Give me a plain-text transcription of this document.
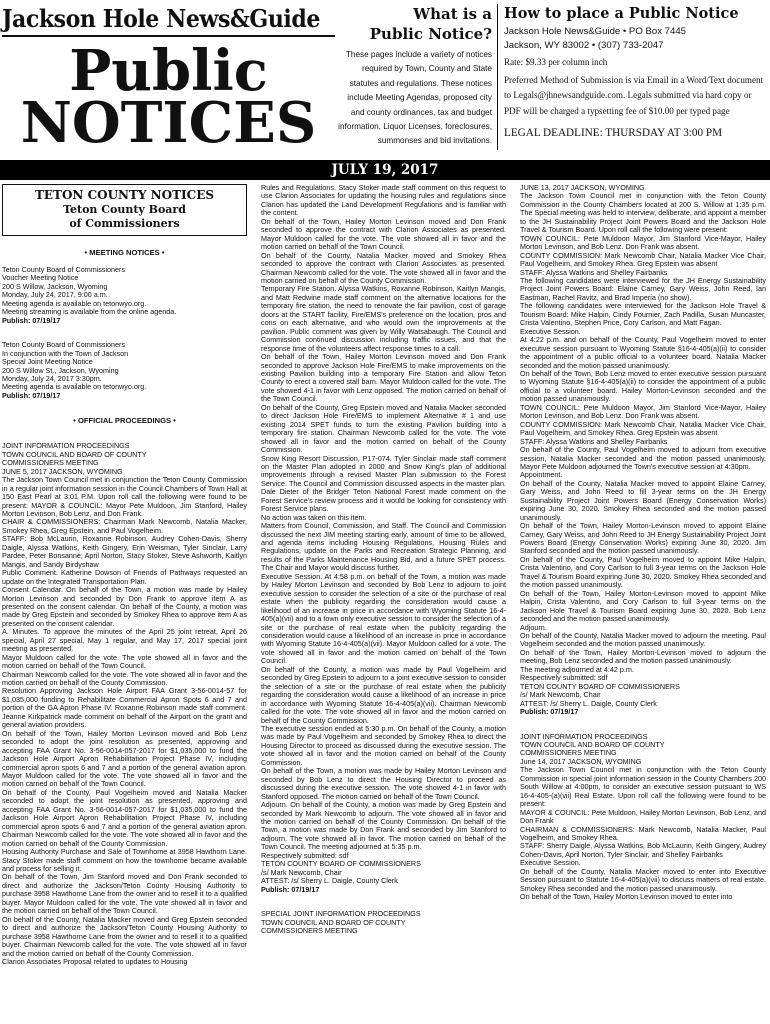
Jackson Hole News&Guide
Public
NOTICES
What is a
Public Notice?
These pages include a variety of notices required by Town, County and State statutes and regulations. These notices include Meeting Agendas, proposed city and county ordinances, tax and budget information, Liquor Licenses, foreclosures, summonses and bid invitations.
How to place a Public Notice
Jackson Hole News&Guide • PO Box 7445
Jackson, WY 83002 • (307) 733-2047
Rate: $9.33 per column inch
Preferred Method of Submission is via Email in a Word/Text document to Legals@jhnewsandguide.com. Legals submitted via hard copy or PDF will be charged a typsetting fee of $10.00 per typed page
LEGAL DEADLINE: THURSDAY AT 3:00 PM
JULY 19, 2017
TETON COUNTY NOTICES
Teton County Board
of Commissioners
• MEETING NOTICES •

Teton County Board of Commissioners

Voucher Meeting Notice

200 S Willow, Jackson, Wyoming

Monday, July 24, 2017, 9:00 a.m.

Meeting agenda is available on tetonwyo.org.

Meeting streaming is available from the online agenda.

Publish: 07/19/17

Teton County Board of Commissioners

In conjunction with the Town of Jackson

Special Joint Meeting Notice

200 S Willow St., Jackson, Wyoming

Monday, July 24, 2017 3:30pm.

Meeting agenda is available on tetonwyo.org.

Publish: 07/19/17

• OFFICIAL PROCEEDINGS •

JOINT INFORMATION PROCEEDINGS

TOWN COUNCIL AND BOARD OF COUNTY

COMMISSIONERS MEETING

JUNE 5, 2017 JACKSON, WYOMING

The Jackson Town Council met in conjunction the Teton County Commission in a regular joint information session in the Council Chambers of Town Hall at 150 East Pearl at 3:01 P.M. Upon roll call the following were found to be present: MAYOR & COUNCIL: Mayor Pete Muldoon, Jim Stanford, Hailey Morton Levinson, Bob Lenz, and Don Frank.

CHAIR & COMMISSIONERS: Chairman Mark Newcomb, Natalia Macker, Smokey Rhea, Greg Epstein, and Paul Vogelheim.

STAFF: Bob McLaurin, Roxanne Robinson, Audrey Cohen-Davis, Sherry Daigle, Alyssa Watkins, Keith Gingery, Erin Weisman, Tyler Sinclair, Larry Pardee, Peter Bonsanne, April Norton, Stacy Stoker, Steve Ashworth, Kaitlyn Mangis, and Sandy Birdyshaw

Public Comment. Katherine Dowson of Friends of Pathways requested an update on the Integrated Transportation Plan.

Consent Calendar. On behalf of the Town, a motion was made by Hailey Morton Levinson and seconded by Don Frank to approve item A as presented on the consent calendar. On behalf of the County, a motion was made by Greg Epstein and seconded by Smokey Rhea to approve item A as presented on the consent calendar.

A. Minutes. To approve the minutes of the April 25 joint retreat, April 26 special, April 27 special, May 1 regular, and May 17, 2017 special joint meeting as presented.

Mayor Muldoon called for the vote. The vote showed all in favor and the motion carried on behalf of the Town Council.

Chairman Newcomb called for the vote. The vote showed all in favor and the motion carried on behalf of the County Commission.

Resolution Approving Jackson Hole Airport FAA Grant 3-56-0014-57 for $1,035,000 funding to Rehabilitate Commercial Apron Spots 6 and 7 and portion of the GA Apron Phase IV. Roxanne Robinson made staff comment. Jeanne Kirkpatrick made comment on behalf of the Airport on the grant and general aviation providers.

On behalf of the Town, Hailey Morton Levinson moved and Bob Lenz seconded to adopt the joint resolution as presented, approving and accepting FAA Grant No. 3-56-0014-057-2017 for $1,035,000 to fund the Jackson Hole Airport Apron Rehabilitation Project Phase IV, including commercial apron spots 6 and 7 and a portion of the general aviation apron. Mayor Muldoon called for the vote. The vote showed all in favor and the motion carried on behalf of the Town Council.

On behalf of the County, Paul Vogelheim moved and Natalia Macker seconded to adopt the joint resolution as presented, approving and accepting FAA Grant No. 3-56-0014-057-2017 for $1,035,000 to fund the Jackson Hole Airport Apron Rehabilitation Project Phase IV, including commercial apron spots 6 and 7 and a portion of the general aviation apron. Chairman Newcomb called for the vote. The vote showed all in favor and the motion carried on behalf of the County Commission.

Housing Authority Purchase and Sale of Townhome at 3958 Hawthorn Lane. Stacy Stoker made staff comment on how the townhome became available and process for selling it.

On behalf of the Town, Jim Stanford moved and Don Frank seconded to direct and authorize the Jackson/Teton County Housing Authority to purchase 3958 Hawthorne Lane from the owner and to resell it to a qualified buyer. Mayor Muldoon called for the vote. The vote showed all in favor and the motion carried on behalf of the Town Council.

On behalf of the County, Natalia Macker moved and Greg Epstein seconded to direct and authorize the Jackson/Teton County Housing Authority to purchase 3958 Hawthorne Lane from the owner and to resell it to a qualified buyer. Chairman Newcomb called for the vote. The vote showed all in favor and the motion carried on behalf of the County Commission.

Clarion Associates Proposal related to updates to Housing

Rules and Regulations. Stacy Stoker made staff comment on this request to use Clarion Associates for updating the housing rules and regulations since Clarion has updated the Land Development Regulations and is familiar with the content.

On behalf of the Town, Hailey Morton Levinson moved and Don Frank seconded to approve the contract with Clarion Associates as presented. Mayor Muldoon called for the vote. The vote showed all in favor and the motion carried on behalf of the Town Council.

On behalf of the County, Natalia Macker moved and Smokey Rhea seconded to approve the contract with Clarion Associates as presented. Chairman Newcomb called for the vote. The vote showed all in favor and the motion carried on behalf of the County Commission.

Temporary Fire Station. Alyssa Watkins, Roxanne Robinson, Kaitlyn Mangis, and Matt Redwine made staff comment on the alternative locations for the temporary fire station, the need to renovate the fair pavilion, cost of garage doors at the START facility, Fire/EMS's preference on the location, pros and cons on each alternative, and who would own the improvements at the pavilion. Public comment was given by Willy Watsabaugh. The Council and Commission continued discussion including traffic issues, and that the response time of the volunteers affect response times to a call.

On behalf of the Town, Hailey Morton Levinson moved and Don Frank seconded to approve Jackson Hole Fire/EMS to make improvements on the existing Pavilion building into a temporary Fire Station and allow Teton County to erect a covered stall barn. Mayor Muldoon called for the vote. The vote showed 4-1 in favor with Lenz opposed. The motion carried on behalf of the Town Council.

On behalf of the County, Greg Epstein moved and Natalia Macker seconded to direct Jackson Hole Fire/EMS to implement Alternative # 1 and use existing 2014 SPET funds to turn the existing Pavilion building into a temporary fire station. Chairman Newcomb called for the vote. The vote showed all in favor and the motion carried on behalf of the County Commission.

Snow King Resort Discussion, P17-074. Tyler Sinclair made staff comment on the Master Plan adopted in 2000 and Snow King's plan of additional improvements through a revised Master Plan submission to the Forest Service. The Council and Commission discussed aspects in the master plan. Dale Dieter of the Bridger Teton National Forest made comment on the Forest Service's review process and it would be looking for consistency with Forest Service plans.

No action was taken on this item.

Matters from Council, Commission, and Staff. The Council and Commission discussed the next JIM meeting starting early, amount of time to be allowed, and agenda items including Housing Regulations, Housing Rules and Regulations, update on the Parks and Recreation Strategic Planning, and results of the Parks Maintenance Housing Bid, and a future SPET process. The Chair and Mayor would discuss further.

Executive Session. At 4:58 p.m. on behalf of the Town, a motion was made by Hailey Morton Levinson and seconded by Bob Lenz to adjourn to joint executive session to consider the selection of a site or the purchase of real estate when the publicity regarding the consideration would cause a likelihood of an increase in price in accordance with Wyoming Statute 16-4-405(a)(vii) and to a town only executive session to consider the selection of a site or the purchase of real estate when the publicity regarding the consideration would cause a likelihood of an increase in price in accordance with Wyoming Statute 16-4-405(a)(vii). Mayor Muldoon called for a vote. The vote showed all in favor and the motion carried on behalf of the Town Council.

On behalf of the County, a motion was made by Paul Vogelheim and seconded by Greg Epstein to adjourn to a joint executive session to consider the selection of a site or the purchase of real estate when the publicity regarding the consideration would cause a likelihood of an increase in price in accordance with Wyoming Statute 16-4-405(a)(vii). Chairman Newcomb called for the vote. The vote showed all in favor and the motion carried on behalf of the County Commission.

The executive session ended at 5:30 p.m. On behalf of the County, a motion was made by Paul Vogelheim and seconded by Smokey Rhea to direct the Housing Director to proceed as discussed during the executive session. The vote showed all in favor and the motion carried on behalf of the County Commission.

On behalf of the Town, a motion was made by Hailey Morton Levinson and seconded by Bob Lenz to direct the Housing Director to proceed as discussed during the executive session. The vote showed 4-1 in favor with Stanford opposed. The motion carried on behalf of the Town Council.

Adjourn. On behalf of the County, a motion was made by Greg Epstein and seconded by Mark Newcomb to adjourn. The vote showed all in favor and the motion carried on behalf of the County Commission. On behalf of the Town, a motion was made by Don Frank and seconded by Jim Stanford to adjourn. The vote showed all in favor. The motion carried on behalf of the Town Council. The meeting adjourned at 5:35 p.m.

Respectively submitted: sdf

TETON COUNTY BOARD OF COMMISSIONERS

/s/ Mark Newcomb, Chair

ATTEST: /s/ Sherry L. Daigle, County Clerk

Publish: 07/19/17

SPECIAL JOINT INFORMATION PROCEEDINGS

TOWN COUNCIL AND BOARD OF COUNTY

COMMISSIONERS MEETING

JUNE 13, 2017 JACKSON, WYOMING

The Jackson Town Council met in conjunction with the Teton County Commission in the County Chambers located at 200 S. Willow at 1:35 p.m. The Special meeting was held to interview, deliberate, and appoint a member to the JH Sustainability Project Joint Powers Board and the Jackson Hole Travel & Tourism Board. Upon roll call the following were present:

TOWN COUNCIL: Pete Muldoon Mayor, Jim Stanford Vice-Mayor, Hailey Morton Levinson, and Bob Lenz. Don Frank was absent.

COUNTY COMMISSION: Mark Newcomb Chair, Natalia Macker Vice Chair, Paul Vogelheim, and Smokey Rhea. Greg Epstein was absent

STAFF: Alyssa Watkins and Shelley Fairbanks

The following candidates were interviewed for the JH Energy Sustainability Project Joint Powers Board: Elaine Carney, Gary Weiss, John Reed, Ian Eastman, Rachel Ravitz, and Brad Imperia (no show).

The following candidates were interviewed for the Jackson Hole Travel & Tourism Board: Mike Halpin, Cindy Fournier, Zach Padilla, Susan Muncaster, Crista Valentino, Stephen Price, Cory Carlson, and Matt Fagan.

Executive Session.

At 4:22 p.m. and on behalf of the County, Paul Vogelheim moved to enter executive session pursuant to Wyoming Statute §16-4-405(a)(ii) to consider the appointment of a public official to a volunteer board. Natalia Macker seconded and the motion passed unanimously.

On behalf of the Town, Bob Lenz moved to enter executive session pursuant to Wyoming Statute §16-4-405(a)(ii) to consider the appointment of a public official to a volunteer board. Hailey Morton-Levinson seconded and the motion passed unanimously.

TOWN COUNCIL: Pete Muldoon Mayor, Jim Stanford Vice-Mayor, Hailey Morton Levinson, and Bob Lenz. Don Frank was absent.

COUNTY COMMISSION: Mark Newcomb Chair, Natalia Macker Vice Chair, Paul Vogelheim, and Smokey Rhea. Greg Epstein was absent

STAFF: Alyssa Watkins and Shelley Fairbanks

On behalf of the County, Paul Vogelheim moved to adjourn from executive session, Natalia Macker seconded and the motion passed unanimously. Mayor Pete Muldoon adjourned the Town's executive session at 4:30pm.

Appointment.

On behalf of the County, Natalia Macker moved to appoint Elaine Carney, Gary Weiss, and John Reed to fill 3-year terms on the JH Energy Sustainability Project Joint Powers Board (Energy Conservation Works) expiring June 30, 2020. Smokey Rhea seconded and the motion passed unanimously.

On behalf of the Town, Hailey Morton-Levinson moved to appoint Elaine Carney, Gary Weiss, and John Reed to JH Energy Sustainability Project Joint Powers Board (Energy Conservation Works) expiring June 30, 2020. Jim Stanford seconded and the motion passed unanimously.

On behalf of the County, Paul Vogelheim moved to appoint Mike Halpin, Crista Valentino, and Cory Carlson to full 3-year terms on the Jackson Hole Travel & Tourism Board expiring June 30, 2020. Smokey Rhea seconded and the motion passed unanimously.

On behalf of the Town, Hailey Morton-Levinson moved to appoint Mike Halpin, Crista Valentino, and Cory Carlson to full 3-year terms on the Jackson Hole Travel & Tourism Board expiring June 30, 2020. Bob Lenz seconded and the motion passed unanimously.

Adjourn.

On behalf of the County, Natalia Macker moved to adjourn the meeting. Paul Vogelheim seconded and the motion passed unanimously.

On behalf of the Town, Hailey Morton-Levinson moved to adjourn the meeting, Bob Lenz seconded and the motion passed unanimously.

The meeting adjourned at 4:42 p.m.

Respectively submitted: sdf

TETON COUNTY BOARD OF COMMISSIONERS

/s/ Mark Newcomb, Chair

ATTEST: /s/ Sherry L. Daigle, County Clerk

Publish: 07/19/17

JOINT INFORMATION PROCEEDINGS

TOWN COUNCIL AND BOARD OF COUNTY

COMMISSIONERS MEETING

June 14, 2017 JACKSON, WYOMING

The Jackson Town Council met in conjunction with the Teton County Commission in special joint information session in the County Chambers 200 South Willow at 4:00pm, to consider an executive session pursuant to WS 16-4-405-(a)(vii) Real Estate. Upon roll call the following were found to be present:

MAYOR & COUNCIL: Pete Muldoon, Hailey Morton Levinson, Bob Lenz, and Don Frank

CHAIRMAN & COMMISSIONERS: Mark Newcomb, Natalia Macker, Paul Vogelheim, and Smokey Rhea.

STAFF: Sherry Daigle, Alyssa Watkins, Bob McLaurin, Keith Gingery, Audrey Cohen-Davis, April Norton, Tyler Sinclair, and Shelley Fairbanks

Executive Session.

On behalf of the County, Natalia Macker moved to enter into Executive Session pursuant to Statute 16-4-405(a)(vii) to discuss matters of real estate. Smokey Rhea seconded and the motion passed unanimously.

On behalf of the Town, Hailey Morton Levinson moved to enter into
